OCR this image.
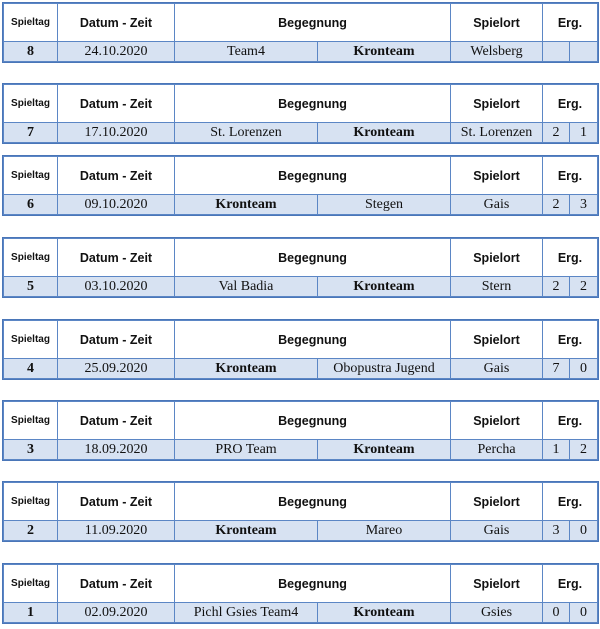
Spieltag	Datum - Zeit	Begegnung		Spielort	Erg.	
8	24.10.2020	Team4	Kronteam	Welsberg		
Spieltag	Datum - Zeit	Begegnung		Spielort	Erg.	
7	17.10.2020	St. Lorenzen	Kronteam	St. Lorenzen	2	1
Spieltag	Datum - Zeit	Begegnung		Spielort	Erg.	
6	09.10.2020	Kronteam	Stegen	Gais	2	3
Spieltag	Datum - Zeit	Begegnung		Spielort	Erg.	
5	03.10.2020	Val Badia	Kronteam	Stern	2	2
Spieltag	Datum - Zeit	Begegnung		Spielort	Erg.	
4	25.09.2020	Kronteam	Obopustra Jugend	Gais	7	0
Spieltag	Datum - Zeit	Begegnung		Spielort	Erg.	
3	18.09.2020	PRO Team	Kronteam	Percha	1	2
Spieltag	Datum - Zeit	Begegnung		Spielort	Erg.	
2	11.09.2020	Kronteam	Mareo	Gais	3	0
Spieltag	Datum - Zeit	Begegnung		Spielort	Erg.	
1	02.09.2020	Pichl Gsies Team4	Kronteam	Gsies	0	0
